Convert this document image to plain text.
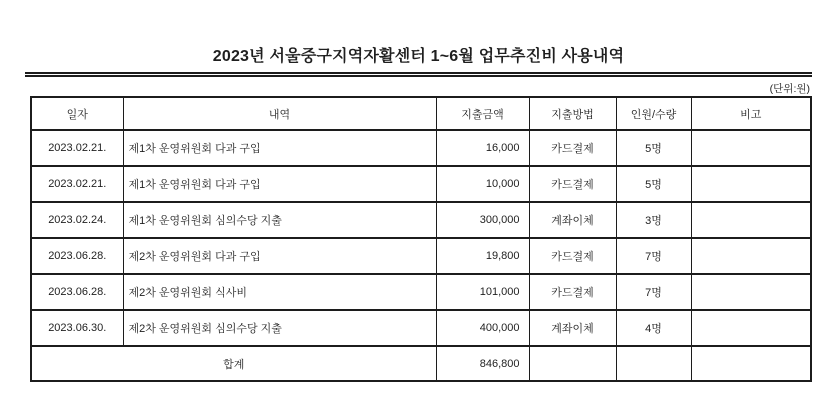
2023년 서울중구지역자활센터 1~6월 업무추진비 사용내역
(단위:원)
일자	내역	지출금액	지출방법	인원/수량	비고
2023.02.21.	제1차 운영위원회 다과 구입	16,000	카드결제	5명	
2023.02.21.	제1차 운영위원회 다과 구입	10,000	카드결제	5명	
2023.02.24.	제1차 운영위원회 심의수당 지출	300,000	계좌이체	3명	
2023.06.28.	제2차 운영위원회 다과 구입	19,800	카드결제	7명	
2023.06.28.	제2차 운영위원회 식사비	101,000	카드결제	7명	
2023.06.30.	제2차 운영위원회 심의수당 지출	400,000	계좌이체	4명	
합계		846,800			
